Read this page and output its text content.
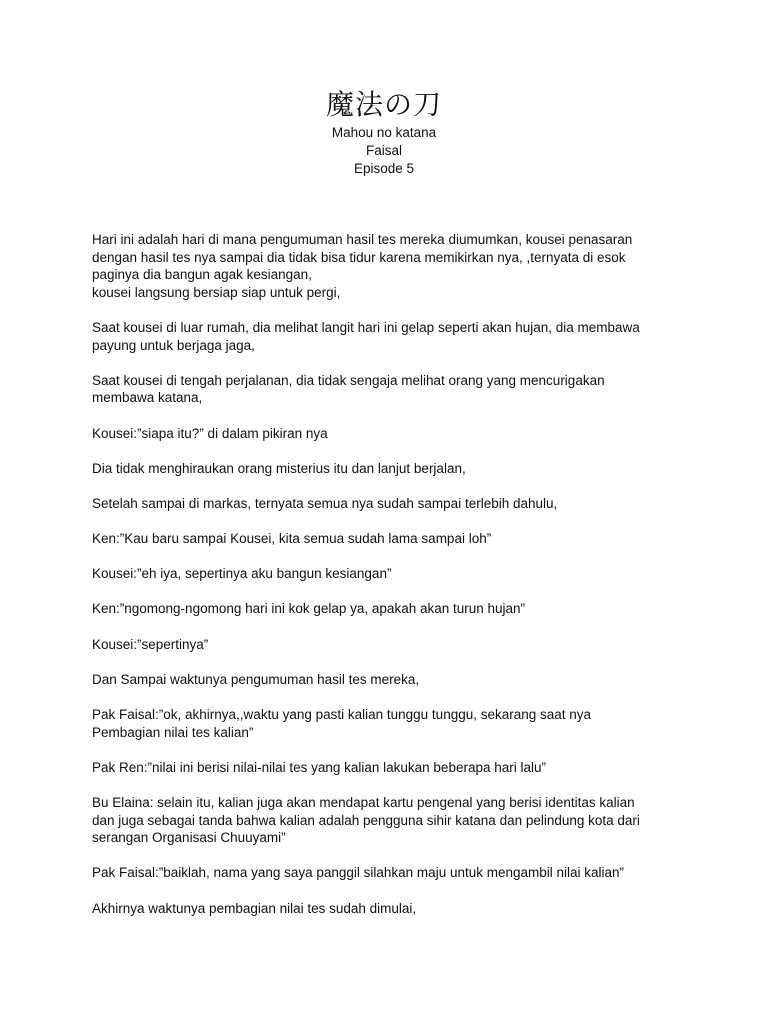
魔法の刀

Mahou no katana

Faisal

Episode 5

Hari ini adalah hari di mana pengumuman hasil tes mereka diumumkan, kousei penasaran
dengan hasil tes nya sampai dia tidak bisa tidur karena memikirkan nya, ,ternyata di esok
paginya dia bangun agak kesiangan,
kousei langsung bersiap siap untuk pergi,

Saat kousei di luar rumah, dia melihat langit hari ini gelap seperti akan hujan, dia membawa
payung untuk berjaga jaga,

Saat kousei di tengah perjalanan, dia tidak sengaja melihat orang yang mencurigakan
membawa katana,

Kousei:”siapa itu?” di dalam pikiran nya

Dia tidak menghiraukan orang misterius itu dan lanjut berjalan,

Setelah sampai di markas, ternyata semua nya sudah sampai terlebih dahulu,

Ken:”Kau baru sampai Kousei, kita semua sudah lama sampai loh”

Kousei:”eh iya, sepertinya aku bangun kesiangan”

Ken:”ngomong-ngomong hari ini kok gelap ya, apakah akan turun hujan”

Kousei:”sepertinya”

Dan Sampai waktunya pengumuman hasil tes mereka,

Pak Faisal:”ok, akhirnya,,waktu yang pasti kalian tunggu tunggu, sekarang saat nya
Pembagian nilai tes kalian”

Pak Ren:”nilai ini berisi nilai-nilai tes yang kalian lakukan beberapa hari lalu”

Bu Elaina: selain itu, kalian juga akan mendapat kartu pengenal yang berisi identitas kalian
dan juga sebagai tanda bahwa kalian adalah pengguna sihir katana dan pelindung kota dari
serangan Organisasi Chuuyami”

Pak Faisal:”baiklah, nama yang saya panggil silahkan maju untuk mengambil nilai kalian”

Akhirnya waktunya pembagian nilai tes sudah dimulai,
